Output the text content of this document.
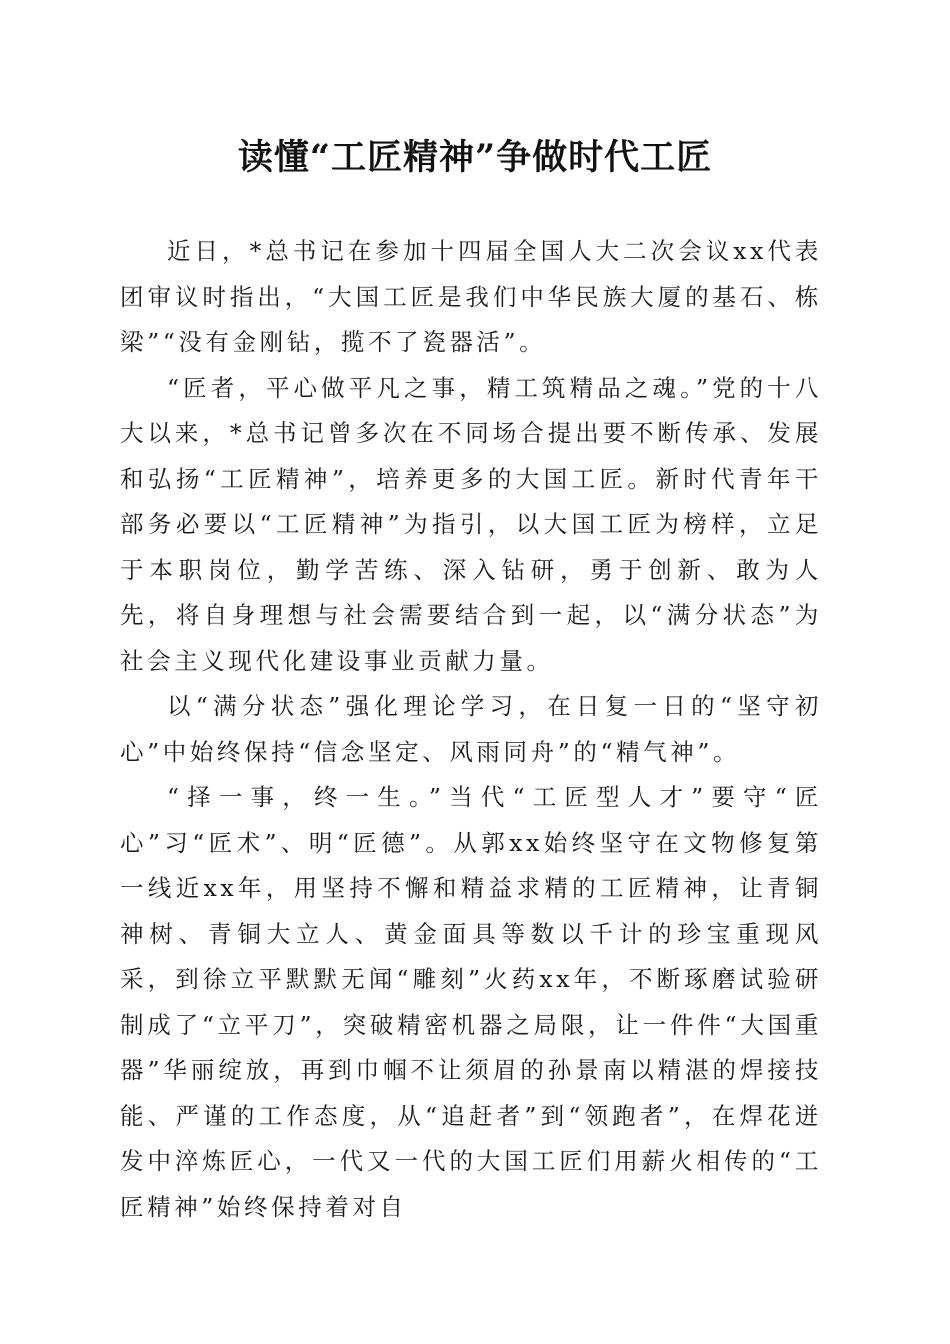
读懂“工匠精神”争做时代工匠

近日，*总书记在参加十四届全国人大二次会议xx代表团审议时指出，“大国工匠是我们中华民族大厦的基石、栋梁”“没有金刚钻，揽不了瓷器活”。

“匠者，平心做平凡之事，精工筑精品之魂。”党的十八大以来，*总书记曾多次在不同场合提出要不断传承、发展和弘扬“工匠精神”，培养更多的大国工匠。新时代青年干部务必要以“工匠精神”为指引，以大国工匠为榜样，立足于本职岗位，勤学苦练、深入钻研，勇于创新、敢为人先，将自身理想与社会需要结合到一起，以“满分状态”为社会主义现代化建设事业贡献力量。

以“满分状态”强化理论学习，在日复一日的“坚守初心”中始终保持“信念坚定、风雨同舟”的“精气神”。

“择一事，终一生。”当代“工匠型人才”要守“匠心”习“匠术”、明“匠德”。从郭xx始终坚守在文物修复第一线近xx年，用坚持不懈和精益求精的工匠精神，让青铜神树、青铜大立人、黄金面具等数以千计的珍宝重现风采，到徐立平默默无闻“雕刻”火药xx年，不断琢磨试验研制成了“立平刀”，突破精密机器之局限，让一件件“大国重器”华丽绽放，再到巾帼不让须眉的孙景南以精湛的焊接技能、严谨的工作态度，从“追赶者”到“领跑者”，在焊花迸发中淬炼匠心，一代又一代的大国工匠们用薪火相传的“工匠精神”始终保持着对自
